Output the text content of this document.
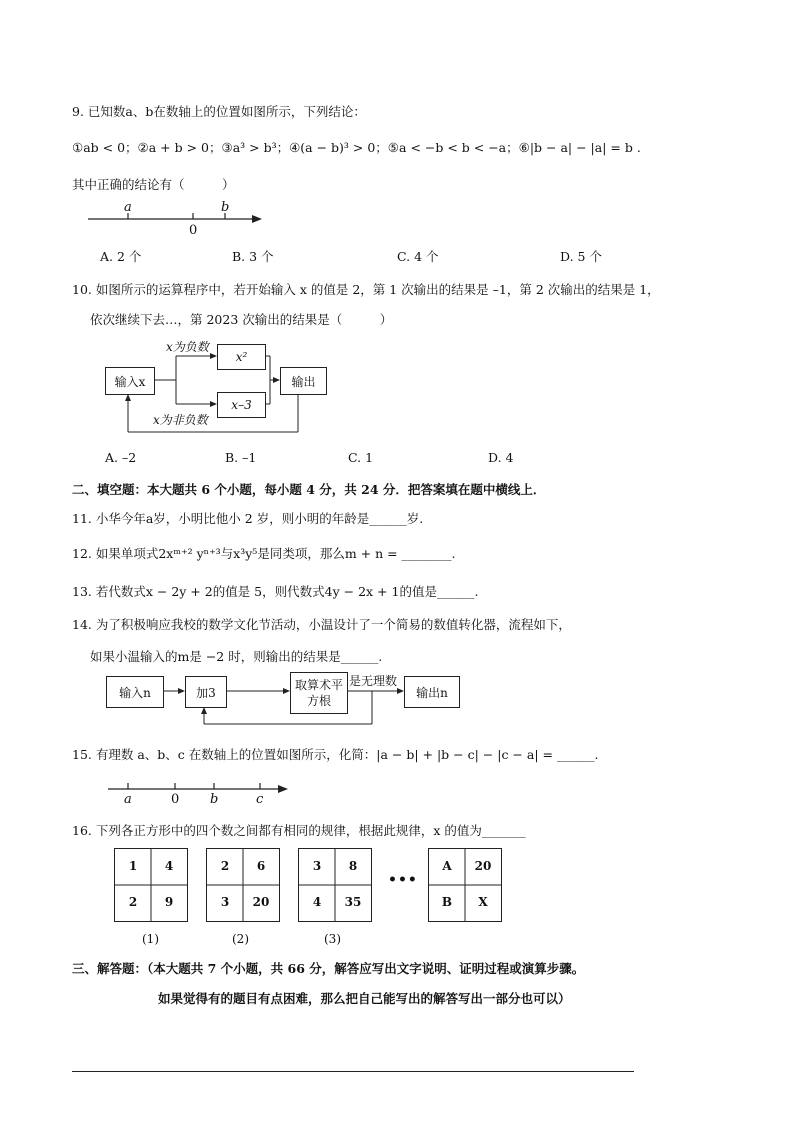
9. 已知数a、b在数轴上的位置如图所示，下列结论：
①ab < 0；②a + b > 0；③a³ > b³；④(a − b)³ > 0；⑤a < −b < b < −a；⑥|b − a| − |a| = b .
其中正确的结论有（　　　）
a
0
b
A. 2 个	B. 3 个	C. 4 个	D. 5 个
10. 如图所示的运算程序中，若开始输入 x 的值是 2，第 1 次输出的结果是 –1，第 2 次输出的结果是 1，
依次继续下去…，第 2023 次输出的结果是（　　　）
输入x
x为负数
x²
x–3
x为非负数
输出
A. –2	B. –1	C. 1	D. 4
二、填空题：本大题共 6 个小题，每小题 4 分，共 24 分．把答案填在题中横线上．
11. 小华今年a岁，小明比他小 2 岁，则小明的年龄是______岁.
12. 如果单项式2xᵐ⁺² yⁿ⁺³与x³y⁵是同类项，那么m + n = ________.
13. 若代数式x − 2y + 2的值是 5，则代数式4y − 2x + 1的值是______.
14. 为了积极响应我校的数学文化节活动，小温设计了一个简易的数值转化器，流程如下，
如果小温输入的m是 −2 时，则输出的结果是______.
输入n	加3
取算术平
方根
是无理数
输出n
15. 有理数 a、b、c 在数轴上的位置如图所示，化简：|a − b| + |b − c| − |c − a| = ______.
a	0 b	c
16. 下列各正方形中的四个数之间都有相同的规律，根据此规律，x 的值为_______
1	4
2	9
2	6
3	20
3	8
4	35
•••
A	20
B	X
(1)	(2)	(3)
三、解答题：（本大题共 7 个小题，共 66 分，解答应写出文字说明、证明过程或演算步骤。
如果觉得有的题目有点困难，那么把自己能写出的解答写出一部分也可以）
